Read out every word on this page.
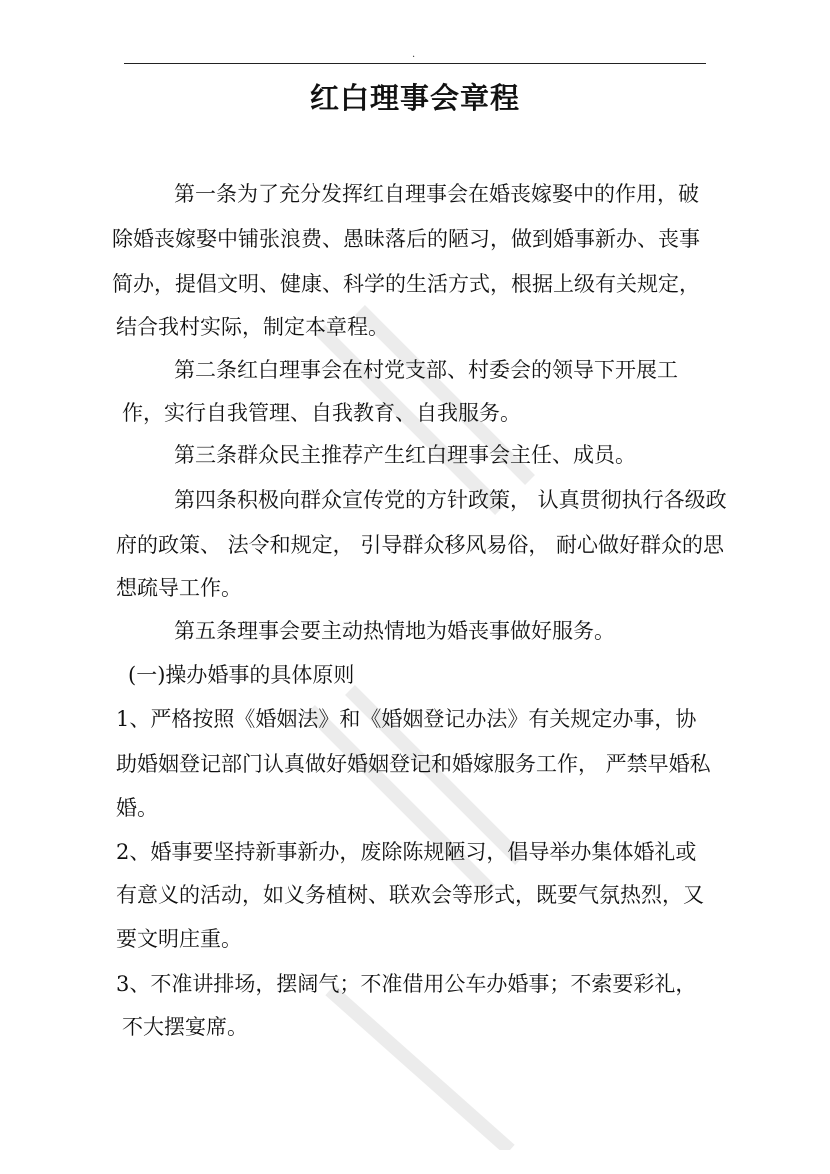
.
红白理事会章程
第一条为了充分发挥红自理事会在婚丧嫁娶中的作用，破
除婚丧嫁娶中铺张浪费、愚昧落后的陋习，做到婚事新办、丧事
简办，提倡文明、健康、科学的生活方式，根据上级有关规定，
结合我村实际，制定本章程。
第二条红白理事会在村党支部、村委会的领导下开展工
作，实行自我管理、自我教育、自我服务。
第三条群众民主推荐产生红白理事会主任、成员。
第四条积极向群众宣传党的方针政策， 认真贯彻执行各级政
府的政策、 法令和规定， 引导群众移风易俗， 耐心做好群众的思
想疏导工作。
第五条理事会要主动热情地为婚丧事做好服务。
(一)操办婚事的具体原则
1、严格按照《婚姻法》和《婚姻登记办法》有关规定办事，协
助婚姻登记部门认真做好婚姻登记和婚嫁服务工作， 严禁早婚私
婚。
2、婚事要坚持新事新办，废除陈规陋习，倡导举办集体婚礼或
有意义的活动，如义务植树、联欢会等形式，既要气氛热烈，又
要文明庄重。
3、不准讲排场，摆阔气；不准借用公车办婚事；不索要彩礼，
不大摆宴席。
